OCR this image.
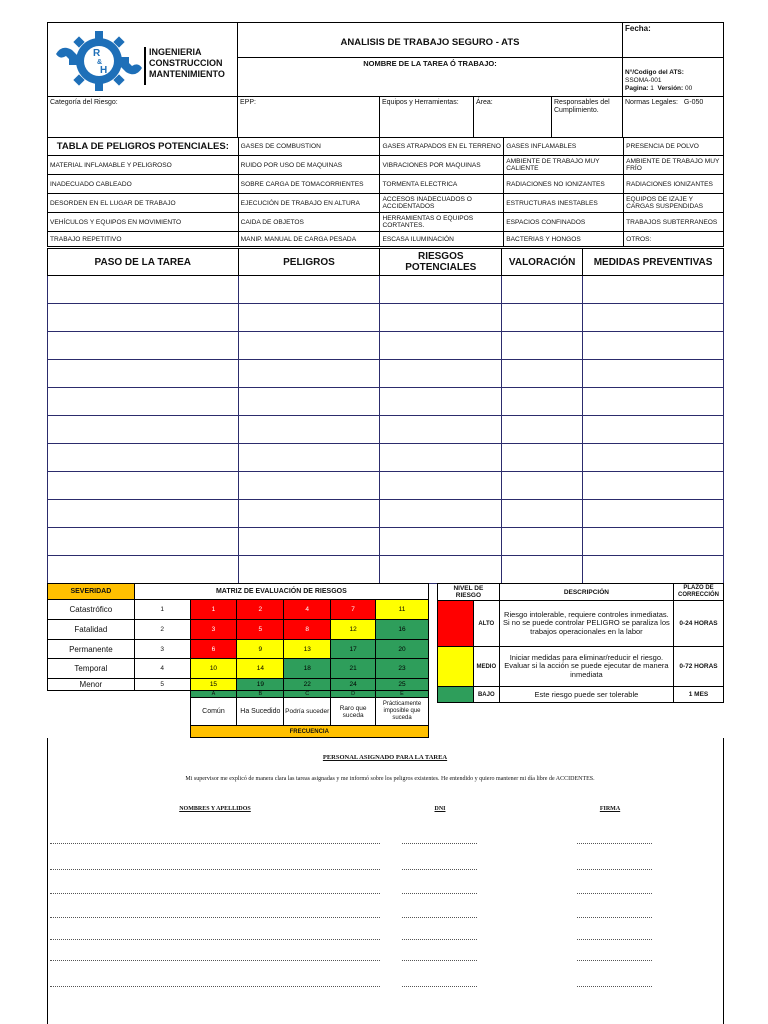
R
&
H
INGENIERIA
CONSTRUCCION
MANTENIMIENTO
ANALISIS DE TRABAJO SEGURO - ATS
NOMBRE DE LA TAREA Ó TRABAJO:
Fecha:
N°/Codigo del ATS:
SSOMA-001
Pagina: 1 Versión: 00
Categoría del Riesgo:	EPP:	Equipos y Herramientas:	Área:	Responsables del Cumplimiento.
Normas Legales: G-050
TABLA DE PELIGROS POTENCIALES:	GASES DE COMBUSTION	GASES ATRAPADOS EN EL TERRENO	GASES INFLAMABLES	PRESENCIA DE POLVO
MATERIAL INFLAMABLE Y PELIGROSO	RUIDO POR USO DE MAQUINAS	VIBRACIONES POR MAQUINAS	AMBIENTE DE TRABAJO MUY CALIENTE	AMBIENTE DE TRABAJO MUY FRÍO
INADECUADO CABLEADO	SOBRE CARGA DE TOMACORRIENTES	TORMENTA ELECTRICA	RADIACIONES NO IONIZANTES	RADIACIONES IONIZANTES
DESORDEN EN EL LUGAR DE TRABAJO	EJECUCIÓN DE TRABAJO EN ALTURA	ACCESOS INADECUADOS O ACCIDENTADOS	ESTRUCTURAS INESTABLES	EQUIPOS DE IZAJE Y CARGAS SUSPENDIDAS
VEHÍCULOS Y EQUIPOS EN MOVIMIENTO	CAIDA DE OBJETOS	HERRAMIENTAS O EQUIPOS CORTANTES.	ESPACIOS CONFINADOS	TRABAJOS SUBTERRANEOS
TRABAJO REPETITIVO	MANIP. MANUAL DE CARGA PESADA	ESCASA ILUMINACIÓN	BACTERIAS Y HONGOS	OTROS:
PASO DE LA TAREA	PELIGROS	RIESGOS POTENCIALES	VALORACIÓN	MEDIDAS PREVENTIVAS

SEVERIDAD	MATRIZ DE EVALUACIÓN DE RIESGOS					
Catastrófico	1	1	2	4	7	11
Fatalidad	2	3	5	8	12	16
Permanente	3	6	9	13	17	20
Temporal	4	10	14	18	21	23
Menor	5	15	19	22	24	25
		A	B	C	D	E
		Común	Ha Sucedido	Podría suceder	Raro que suceda	Prácticamente imposible que suceda
		FRECUENCIA				
NIVEL DE RIESGO		DESCRIPCIÓN	PLAZO DE CORRECCIÓN
	ALTO	Riesgo intolerable, requiere controles inmediatas. Si no se puede controlar PELIGRO se paraliza los trabajos operacionales en la labor	0-24 HORAS
	MEDIO	Iniciar medidas para eliminar/reducir el riesgo. Evaluar si la acción se puede ejecutar de manera inmediata	0-72 HORAS
	BAJO	Este riesgo puede ser tolerable	1 MES
PERSONAL ASIGNADO PARA LA TAREA
Mi supervisor me explicó de manera clara las tareas asignadas y me informó sobre los peligros existentes. He entendido y quiero mantener mi día libre de ACCIDENTES.
NOMBRES Y APELLIDOS	DNI	FIRMA
